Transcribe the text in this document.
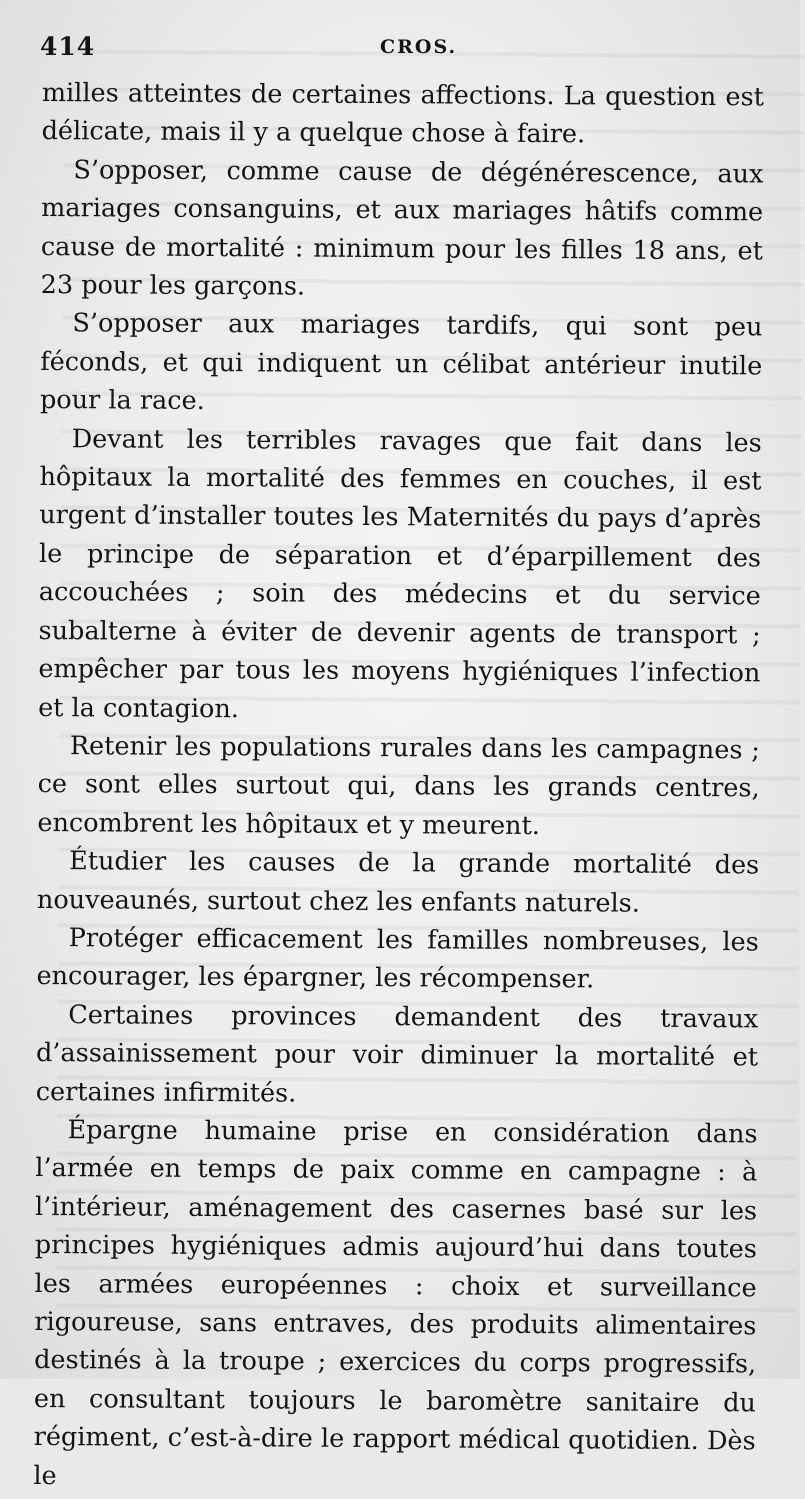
414	CROS.

milles atteintes de certaines affections. La question est délicate, mais il y a quelque chose à faire.

S’opposer, comme cause de dégénérescence, aux mariages consanguins, et aux mariages hâtifs comme cause de mortalité : minimum pour les filles 18 ans, et 23 pour les garçons.

S’opposer aux mariages tardifs, qui sont peu féconds, et qui indiquent un célibat antérieur inutile pour la race.

Devant les terribles ravages que fait dans les hôpitaux la mortalité des femmes en couches, il est urgent d’installer toutes les Maternités du pays d’après le principe de séparation et d’éparpillement des accouchées ; soin des médecins et du service subalterne à éviter de devenir agents de transport ; empêcher par tous les moyens hygiéniques l’infection et la contagion.

Retenir les populations rurales dans les campagnes ; ce sont elles surtout qui, dans les grands centres, encombrent les hôpitaux et y meurent.

Étudier les causes de la grande mortalité des nouveaunés, surtout chez les enfants naturels.

Protéger efficacement les familles nombreuses, les encourager, les épargner, les récompenser.

Certaines provinces demandent des travaux d’assainissement pour voir diminuer la mortalité et certaines infirmités.

Épargne humaine prise en considération dans l’armée en temps de paix comme en campagne : à l’intérieur, aménagement des casernes basé sur les principes hygiéniques admis aujourd’hui dans toutes les armées européennes : choix et surveillance rigoureuse, sans entraves, des produits alimentaires destinés à la troupe ; exercices du corps progressifs, en consultant toujours le baromètre sanitaire du régiment, c’est-à-dire le rapport médical quotidien. Dès le
